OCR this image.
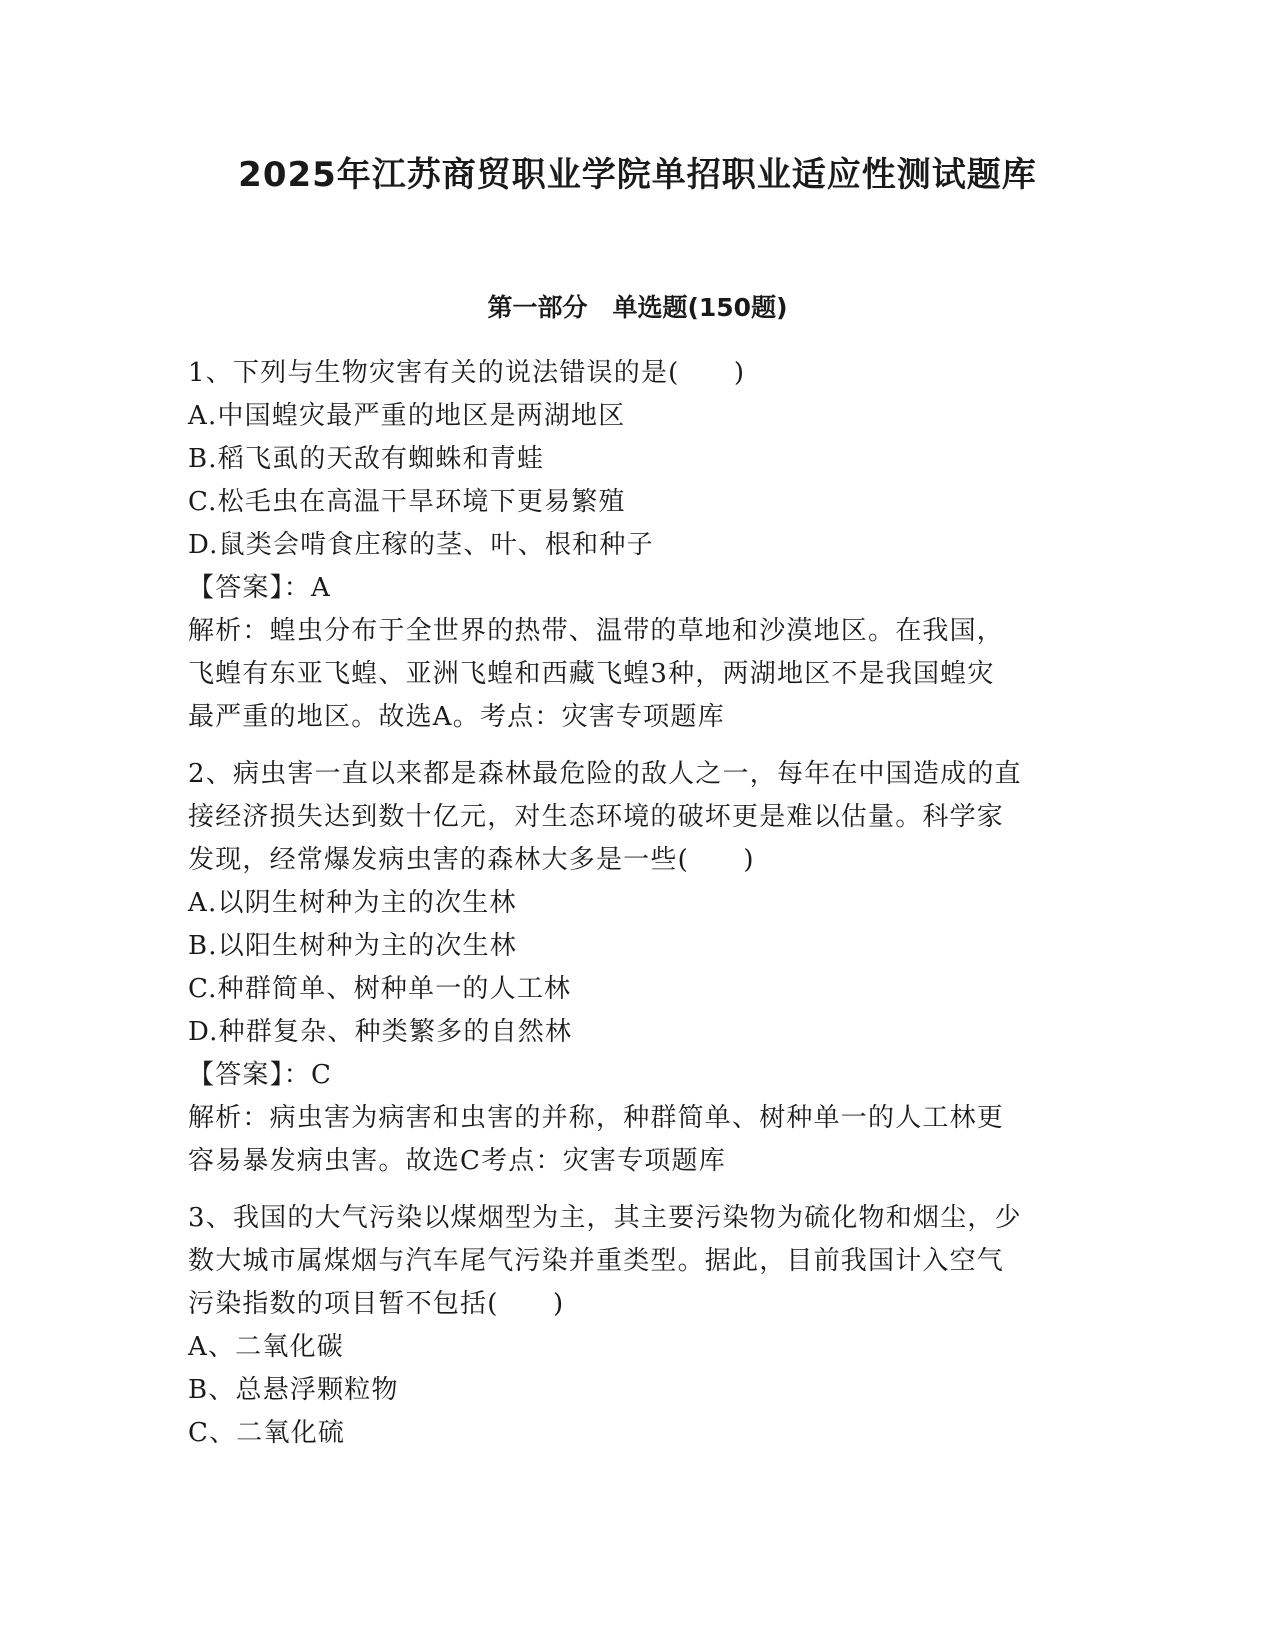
2025年江苏商贸职业学院单招职业适应性测试题库
第一部分　单选题(150题)
1、下列与生物灾害有关的说法错误的是(　　)
A.中国蝗灾最严重的地区是两湖地区
B.稻飞虱的天敌有蜘蛛和青蛙
C.松毛虫在高温干旱环境下更易繁殖
D.鼠类会啃食庄稼的茎、叶、根和种子
【答案】：A
解析：蝗虫分布于全世界的热带、温带的草地和沙漠地区。在我国，
飞蝗有东亚飞蝗、亚洲飞蝗和西藏飞蝗3种，两湖地区不是我国蝗灾
最严重的地区。故选A。考点：灾害专项题库
2、病虫害一直以来都是森林最危险的敌人之一，每年在中国造成的直
接经济损失达到数十亿元，对生态环境的破坏更是难以估量。科学家
发现，经常爆发病虫害的森林大多是一些(　　)
A.以阴生树种为主的次生林
B.以阳生树种为主的次生林
C.种群简单、树种单一的人工林
D.种群复杂、种类繁多的自然林
【答案】：C
解析：病虫害为病害和虫害的并称，种群简单、树种单一的人工林更
容易暴发病虫害。故选C考点：灾害专项题库
3、我国的大气污染以煤烟型为主，其主要污染物为硫化物和烟尘，少
数大城市属煤烟与汽车尾气污染并重类型。据此，目前我国计入空气
污染指数的项目暂不包括(　　)
A、二氧化碳
B、总悬浮颗粒物
C、二氧化硫
